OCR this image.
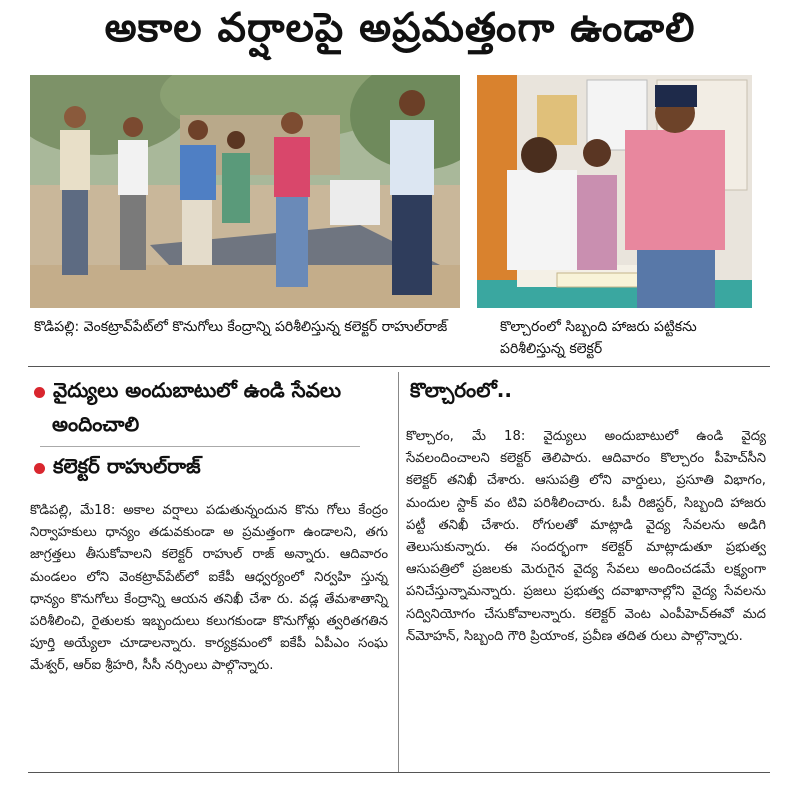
అకాల వర్షాలపై అప్రమత్తంగా ఉండాలి
కొడిపల్లి: వెంకట్రావ్‌పేట్‌లో కొనుగోలు కేంద్రాన్ని పరిశీలిస్తున్న కలెక్టర్ రాహుల్‌రాజ్	కొల్చారంలో సిబ్బంది హాజరు పట్టికను పరిశీలిస్తున్న కలెక్టర్
వైద్యులు అందుబాటులో ఉండి సేవలు
అందించాలి
కలెక్టర్ రాహుల్‌రాజ్
కొల్చారంలో..
కొడిపల్లి, మే18: అకాల వర్షాలు పడుతున్నందున కొను గోలు కేంద్రం నిర్వాహకులు ధాన్యం తడువకుండా అ ప్రమత్తంగా ఉండాలని, తగు జాగ్రత్తలు తీసుకోవాలని కలెక్టర్ రాహుల్ రాజ్ అన్నారు. ఆదివారం మండలం లోని వెంకట్రావ్‌పేట్‌లో ఐకేపీ ఆధ్వర్యంలో నిర్వహి స్తున్న ధాన్యం కొనుగోలు కేంద్రాన్ని ఆయన తనిఖీ చేశా రు. వడ్ల తేమశాతాన్ని పరిశీలించి, రైతులకు ఇబ్బందులు కలుగకుండా కొనుగోళ్లు త్వరితగతిన పూర్తి అయ్యేలా చూడాలన్నారు. కార్యక్రమంలో ఐకేపీ ఏపీఎం సంఘ మేశ్వర్, ఆర్ఐ శ్రీహరి, సీసీ నర్సింలు పాల్గొన్నారు.
కొల్చారం, మే 18: వైద్యులు అందుబాటులో ఉండి వైద్య సేవలందించాలని కలెక్టర్ తెలిపారు. ఆదివారం కొల్చారం పీహెచ్‌సీని కలెక్టర్ తనిఖీ చేశారు. ఆసుపత్రి లోని వార్డులు, ప్రసూతి విభాగం, మందుల స్టాక్ వం టివి పరిశీలించారు. ఓపీ రిజిస్టర్, సిబ్బంది హాజరు పట్టీ తనిఖీ చేశారు. రోగులతో మాట్లాడి వైద్య సేవలను అడిగి తెలుసుకున్నారు. ఈ సందర్భంగా కలెక్టర్ మాట్లాడుతూ ప్రభుత్వ ఆసుపత్రిలో ప్రజలకు మెరుగైన వైద్య సేవలు అందించడమే లక్ష్యంగా పనిచేస్తున్నామన్నారు. ప్రజలు ప్రభుత్వ దవాఖానాల్లోని వైద్య సేవలను సద్వినియోగం చేసుకోవాలన్నారు. కలెక్టర్ వెంట ఎంపీహెచ్‌ఈవో మద న్‌మోహన్, సిబ్బంది గౌరి ప్రియాంక, ప్రవీణ తదిత రులు పాల్గొన్నారు.
